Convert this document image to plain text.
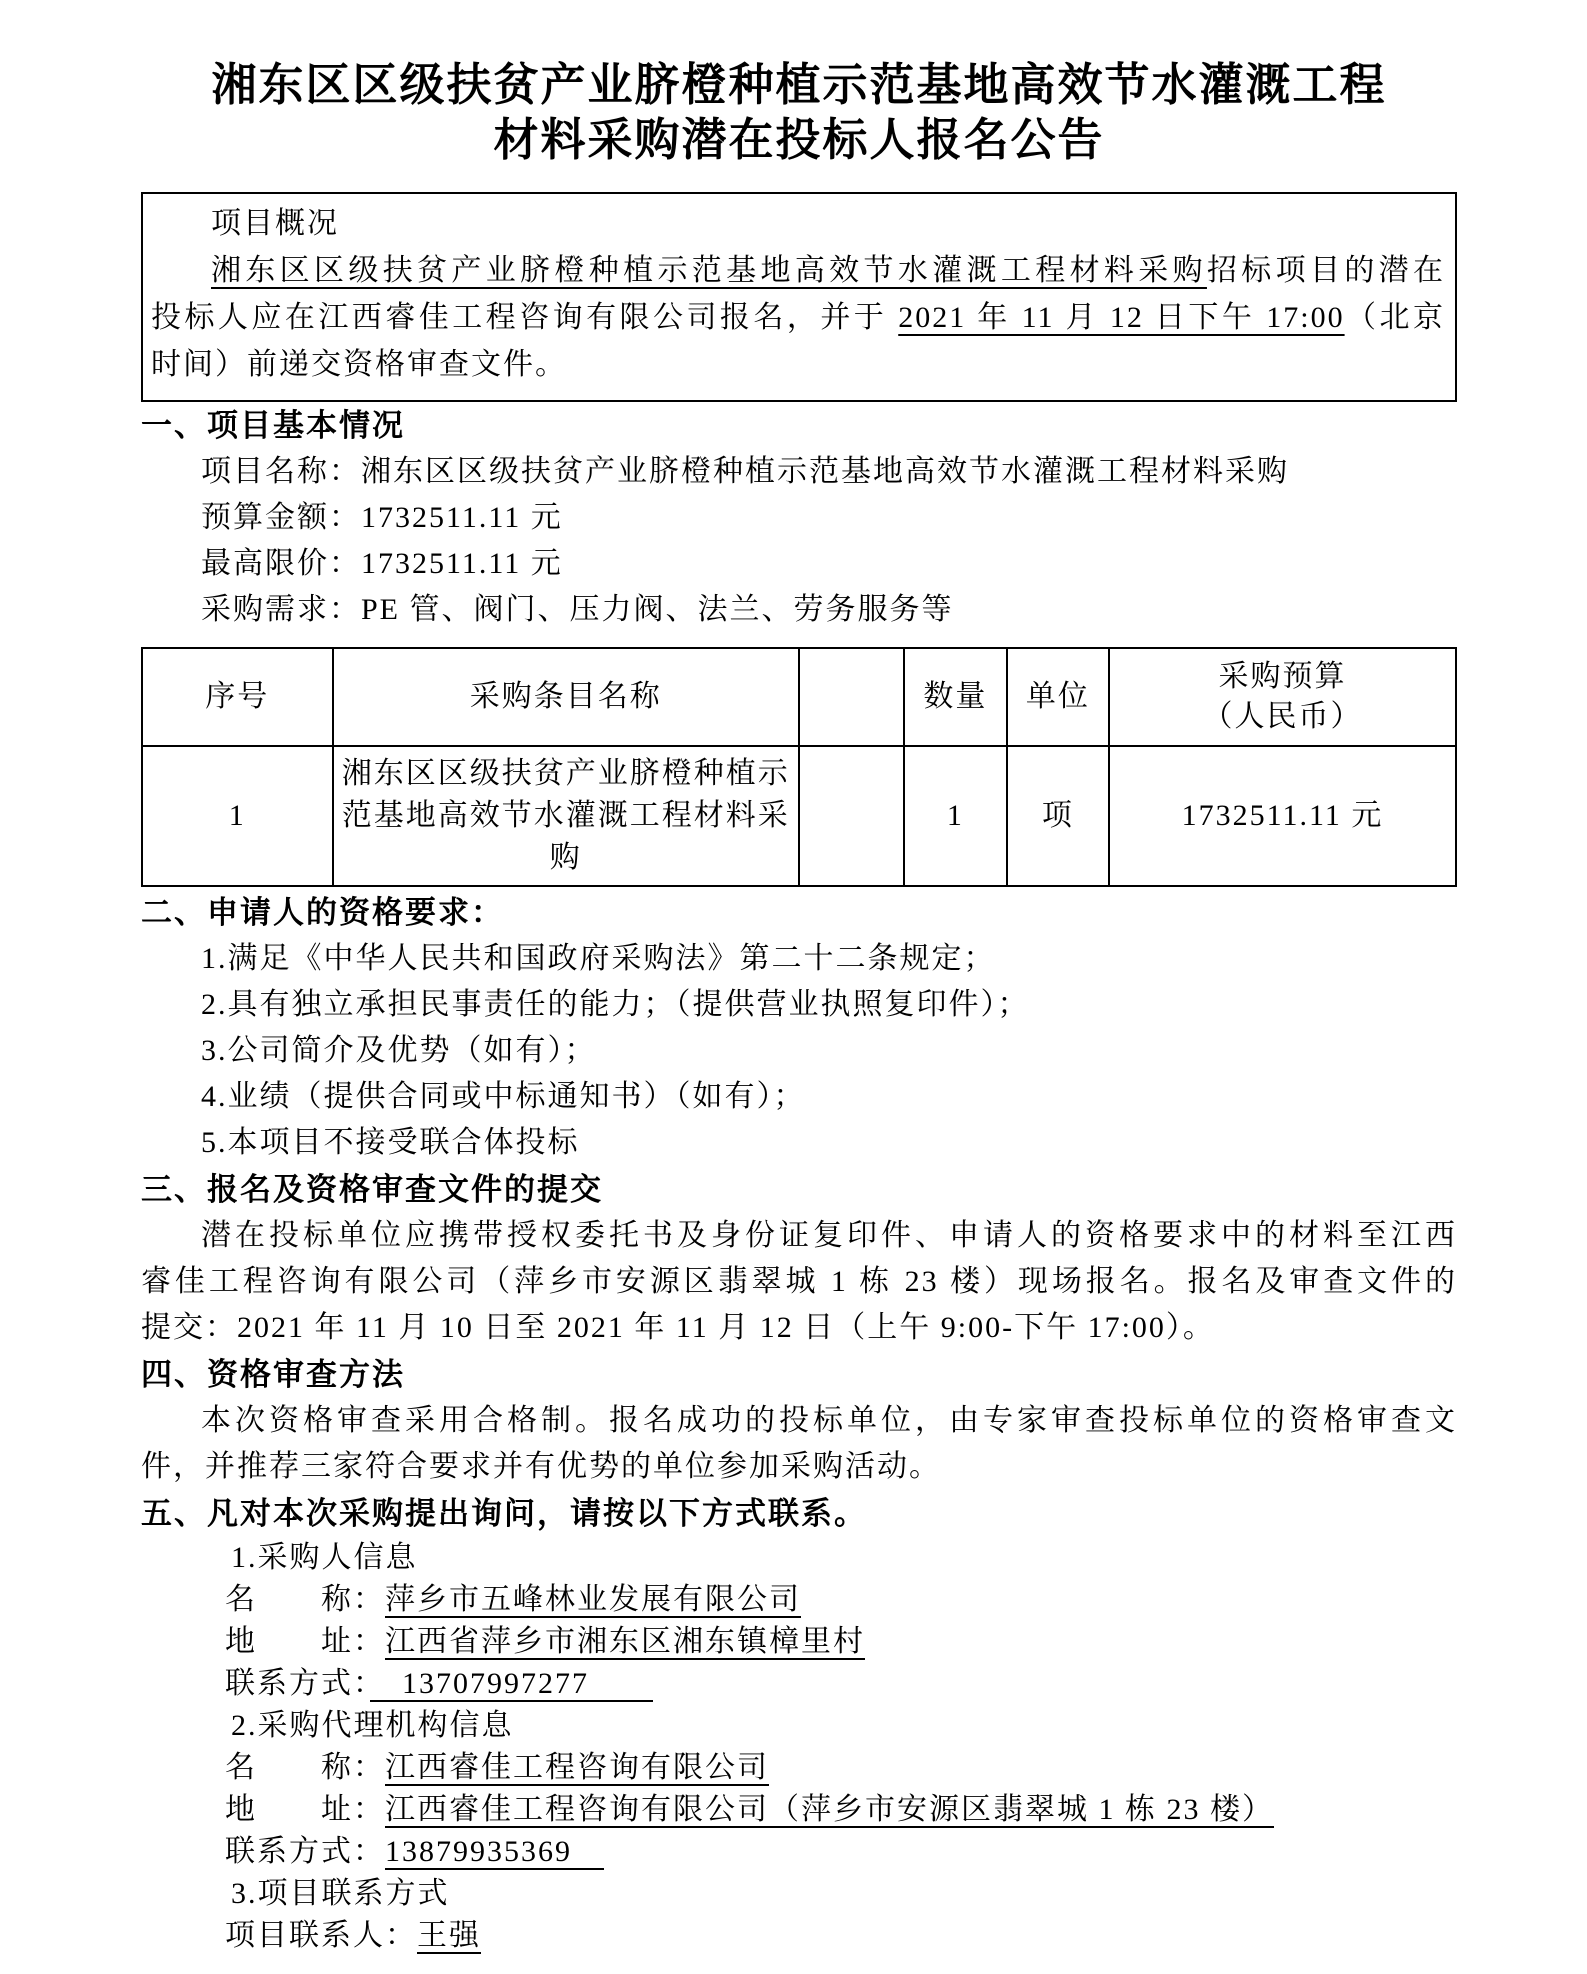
湘东区区级扶贫产业脐橙种植示范基地高效节水灌溉工程
材料采购潜在投标人报名公告
项目概况
湘东区区级扶贫产业脐橙种植示范基地高效节水灌溉工程材料采购招标项目的潜在
投标人应在江西睿佳工程咨询有限公司报名，并于 2021 年 11 月 12 日下午 17:00（北京
时间）前递交资格审查文件。
一、项目基本情况
项目名称：湘东区区级扶贫产业脐橙种植示范基地高效节水灌溉工程材料采购
预算金额：1732511.11 元
最高限价：1732511.11 元
采购需求：PE 管、阀门、压力阀、法兰、劳务服务等
序号	采购条目名称		数量	单位	采购预算
（人民币）

1	湘东区区级扶贫产业脐橙种植示范基地高效节水灌溉工程材料采购		1	项	1732511.11 元
二、申请人的资格要求：
1.满足《中华人民共和国政府采购法》第二十二条规定；
2.具有独立承担民事责任的能力；（提供营业执照复印件）；
3.公司简介及优势（如有）；
4.业绩（提供合同或中标通知书）（如有）；
5.本项目不接受联合体投标
三、报名及资格审查文件的提交
潜在投标单位应携带授权委托书及身份证复印件、申请人的资格要求中的材料至江西
睿佳工程咨询有限公司（萍乡市安源区翡翠城 1 栋 23 楼）现场报名。报名及审查文件的
提交：2021 年 11 月 10 日至 2021 年 11 月 12 日（上午 9:00-下午 17:00）。
四、资格审查方法
本次资格审查采用合格制。报名成功的投标单位，由专家审查投标单位的资格审查文
件，并推荐三家符合要求并有优势的单位参加采购活动。
五、凡对本次采购提出询问，请按以下方式联系。
1.采购人信息
名　　称：萍乡市五峰林业发展有限公司
地　　址：江西省萍乡市湘东区湘东镇樟里村
联系方式：　13707997277　　
2.采购代理机构信息
名　　称：江西睿佳工程咨询有限公司
地　　址：江西睿佳工程咨询有限公司（萍乡市安源区翡翠城 1 栋 23 楼）
联系方式：13879935369　
3.项目联系方式
项目联系人：王强
